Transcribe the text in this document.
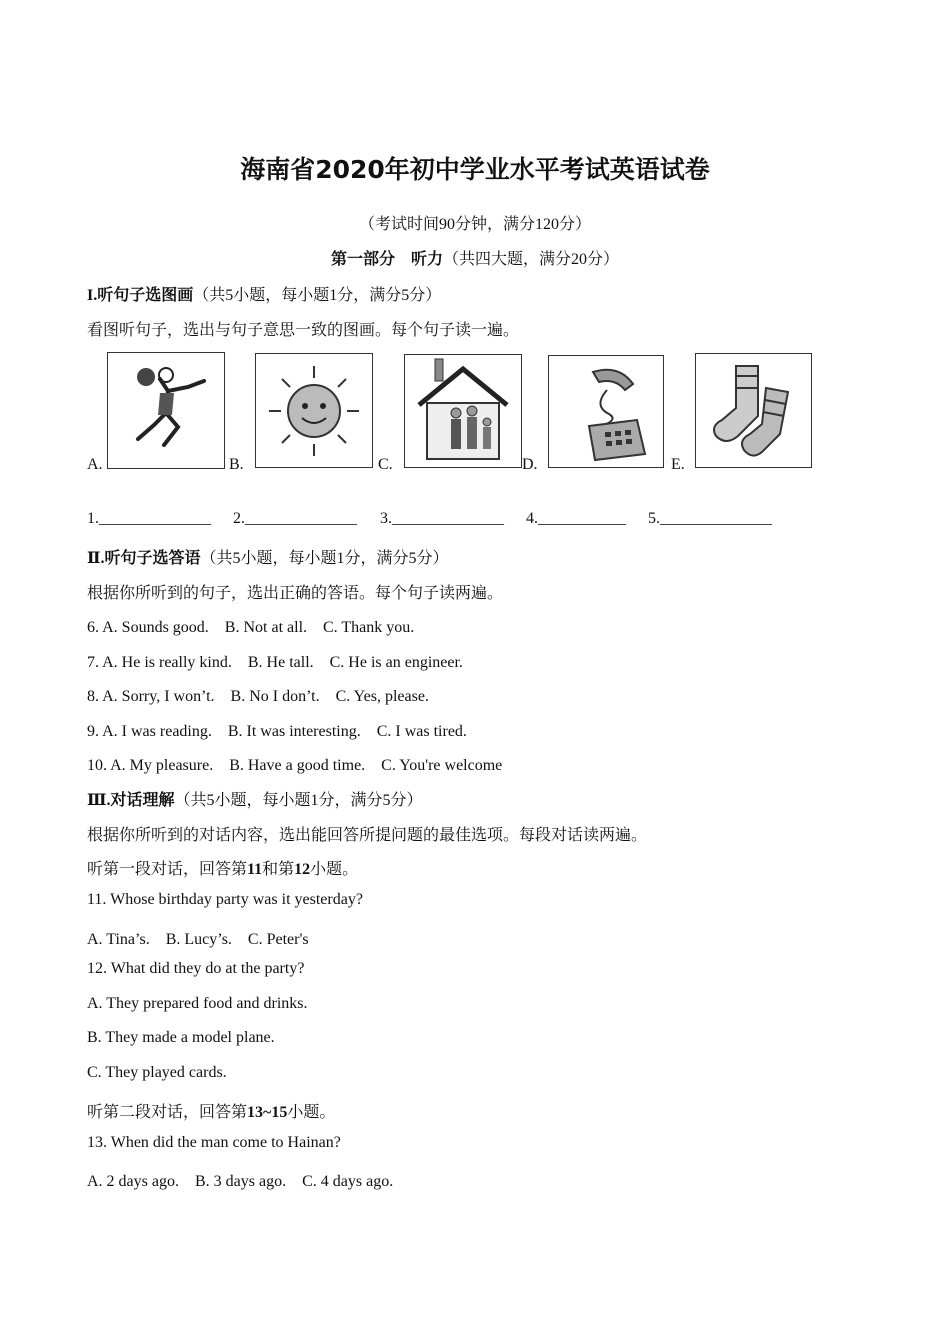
海南省2020年初中学业水平考试英语试卷
（考试时间90分钟，满分120分）
第一部分　听力（共四大题，满分20分）
I.听句子选图画（共5小题，每小题1分，满分5分）
看图听句子，选出与句子意思一致的图画。每个句子读一遍。
A.	B.	C.	D.	E.
1.______________ 2.______________ 3.______________ 4.___________ 5.______________
Ⅱ.听句子选答语（共5小题，每小题1分，满分5分）
根据你所听到的句子，选出正确的答语。每个句子读两遍。
6. A. Sounds good.　B. Not at all.　C. Thank you.
7. A. He is really kind.　B. He tall.　C. He is an engineer.
8. A. Sorry, I won’t.　B. No I don’t.　C. Yes, please.
9. A. I was reading.　B. It was interesting.　C. I was tired.
10. A. My pleasure.　B. Have a good time.　C. You're welcome
Ⅲ.对话理解（共5小题，每小题1分，满分5分）
根据你所听到的对话内容，选出能回答所提问题的最佳选项。每段对话读两遍。
听第一段对话，回答第11和第12小题。
11. Whose birthday party was it yesterday?
A. Tina’s.　B. Lucy’s.　C. Peter's
12. What did they do at the party?
A. They prepared food and drinks.
B. They made a model plane.
C. They played cards.
听第二段对话，回答第13~15小题。
13. When did the man come to Hainan?
A. 2 days ago.　B. 3 days ago.　C. 4 days ago.
